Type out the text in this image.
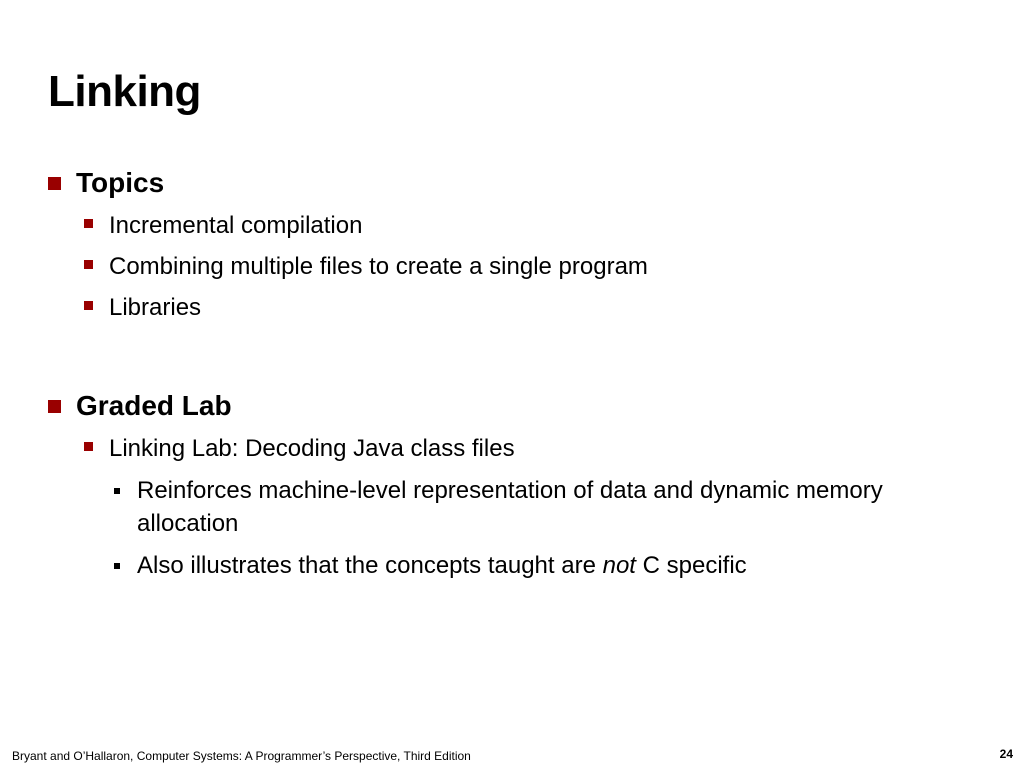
Linking
Topics
Incremental compilation
Combining multiple files to create a single program
Libraries
Graded Lab
Linking Lab: Decoding Java class files
Reinforces machine-level representation of data and dynamic memory allocation
Also illustrates that the concepts taught are not C specific
Bryant and O’Hallaron, Computer Systems: A Programmer’s Perspective, Third Edition	24
